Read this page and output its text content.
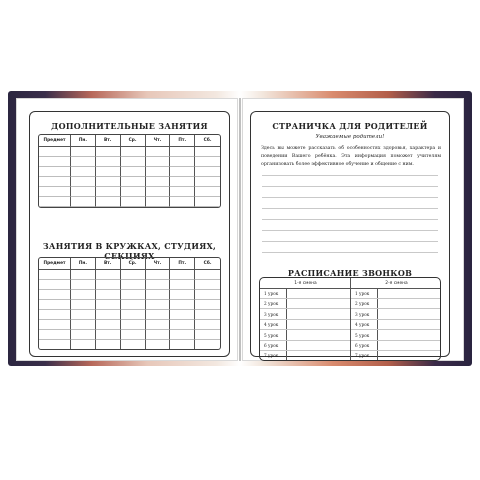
ДОПОЛНИТЕЛЬНЫЕ ЗАНЯТИЯ
ЗАНЯТИЯ В КРУЖКАХ, СТУДИЯХ, СЕКЦИЯХ
Предмет	Пн.	Вт.	Ср.	Чт.	Пт.	Сб.
Предмет	Пн.	Вт.	Ср.	Чт.	Пт.	Сб.
СТРАНИЧКА ДЛЯ РОДИТЕЛЕЙ
Уважаемые родители!
Здесь вы можете рассказать об особенностях здоровья, характера и поведении Вашего ребёнка. Эта информация поможет учителям организовать более эффективное обучение и общение с ним.
РАСПИСАНИЕ ЗВОНКОВ
1-я смена	2-я смена
1 урок	1 урок
2 урок	2 урок
3 урок	3 урок
4 урок	4 урок
5 урок	5 урок
6 урок	6 урок
7 урок	7 урок
